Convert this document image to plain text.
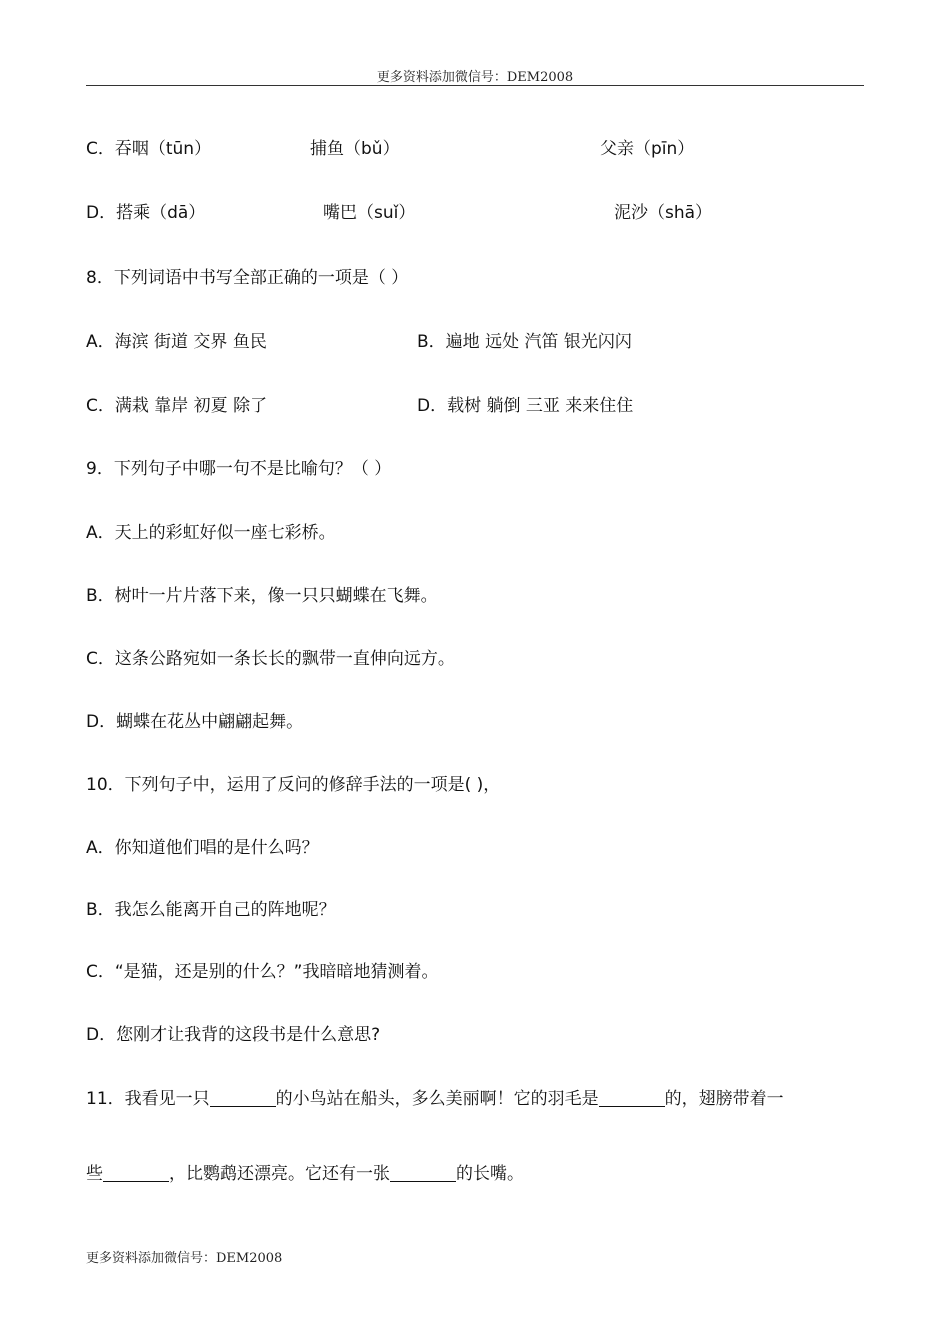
更多资料添加微信号：DEM2008
C．吞咽（tūn）	捕鱼（bǔ）	父亲（pīn）
D．搭乘（dā）	嘴巴（suǐ）	泥沙（shā）
8．下列词语中书写全部正确的一项是（ ）
A．海滨 街道 交界 鱼民	B．遍地 远处 汽笛 银光闪闪
C．满栽 靠岸 初夏 除了	D．载树 躺倒 三亚 来来住住
9．下列句子中哪一句不是比喻句？（ ）
A．天上的彩虹好似一座七彩桥。
B．树叶一片片落下来，像一只只蝴蝶在飞舞。
C．这条公路宛如一条长长的飘带一直伸向远方。
D．蝴蝶在花丛中翩翩起舞。
10．下列句子中，运用了反问的修辞手法的一项是( )，
A．你知道他们唱的是什么吗？
B．我怎么能离开自己的阵地呢？
C．“是猫，还是别的什么？”我暗暗地猜测着。
D．您刚才让我背的这段书是什么意思?
11．我看见一只	的小鸟站在船头，多么美丽啊！它的羽毛是	的，翅膀带着一
些	，比鹦鹉还漂亮。它还有一张	的长嘴。
更多资料添加微信号：DEM2008
